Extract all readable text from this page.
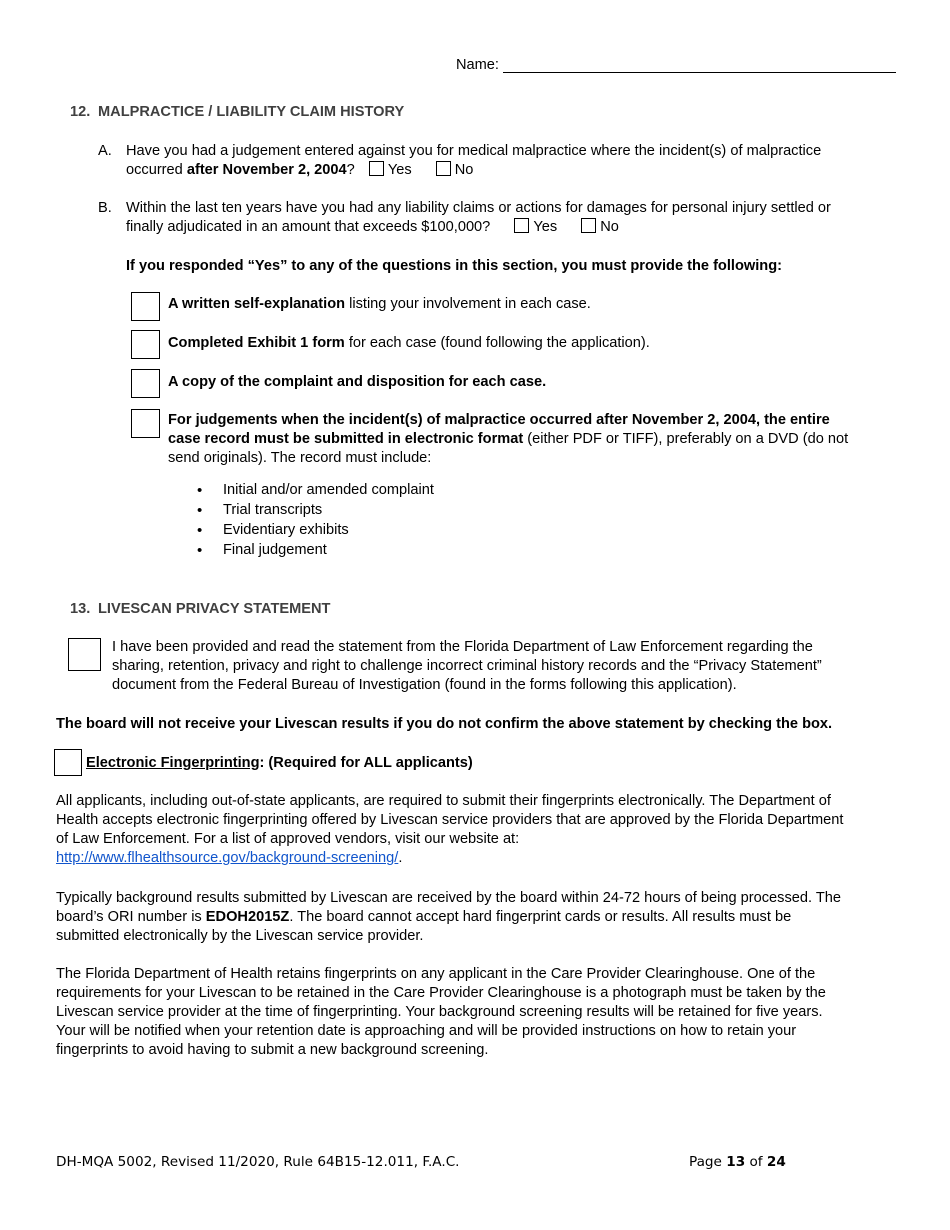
Name:
12. MALPRACTICE / LIABILITY CLAIM HISTORY
A. Have you had a judgement entered against you for medical malpractice where the incident(s) of malpractice
occurred after November 2, 2004? Yes	No
B. Within the last ten years have you had any liability claims or actions for damages for personal injury settled or
finally adjudicated in an amount that exceeds $100,000?	Yes	No
If you responded “Yes” to any of the questions in this section, you must provide the following:
A written self-explanation listing your involvement in each case.
Completed Exhibit 1 form for each case (found following the application).
A copy of the complaint and disposition for each case.
For judgements when the incident(s) of malpractice occurred after November 2, 2004, the entire
case record must be submitted in electronic format (either PDF or TIFF), preferably on a DVD (do not
send originals). The record must include:
• Initial and/or amended complaint
• Trial transcripts
• Evidentiary exhibits
• Final judgement
13. LIVESCAN PRIVACY STATEMENT
I have been provided and read the statement from the Florida Department of Law Enforcement regarding the
sharing, retention, privacy and right to challenge incorrect criminal history records and the “Privacy Statement”
document from the Federal Bureau of Investigation (found in the forms following this application).
The board will not receive your Livescan results if you do not confirm the above statement by checking the box.
Electronic Fingerprinting: (Required for ALL applicants)
All applicants, including out-of-state applicants, are required to submit their fingerprints electronically. The Department of
Health accepts electronic fingerprinting offered by Livescan service providers that are approved by the Florida Department
of Law Enforcement. For a list of approved vendors, visit our website at:
http://www.flhealthsource.gov/background-screening/.
Typically background results submitted by Livescan are received by the board within 24-72 hours of being processed. The
board’s ORI number is EDOH2015Z. The board cannot accept hard fingerprint cards or results. All results must be
submitted electronically by the Livescan service provider.
The Florida Department of Health retains fingerprints on any applicant in the Care Provider Clearinghouse. One of the
requirements for your Livescan to be retained in the Care Provider Clearinghouse is a photograph must be taken by the
Livescan service provider at the time of fingerprinting. Your background screening results will be retained for five years.
Your will be notified when your retention date is approaching and will be provided instructions on how to retain your
fingerprints to avoid having to submit a new background screening.
DH-MQA 5002, Revised 11/2020, Rule 64B15-12.011, F.A.C.	Page 13 of 24
